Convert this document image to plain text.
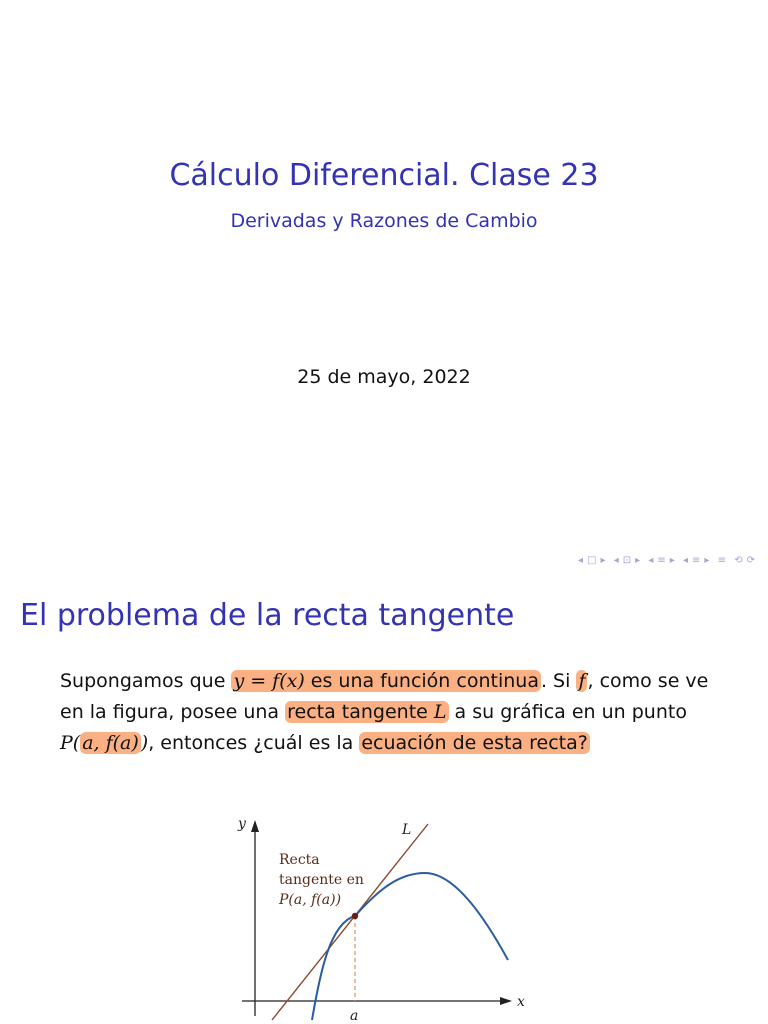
Cálculo Diferencial. Clase 23
Derivadas y Razones de Cambio
25 de mayo, 2022
◂ □ ▸ ◂ ⊡ ▸ ◂ ≡ ▸ ◂ ≡ ▸ ≡ ⟲ ⟳
El problema de la recta tangente
Supongamos que y = f(x) es una función continua . Si f , como se ve en la figura, posee una recta tangente L a su gráfica en un punto P( a, f(a) ), entonces ¿cuál es la ecuación de esta recta?
y
x
L
a
Recta
tangente en
P(a, f(a))
